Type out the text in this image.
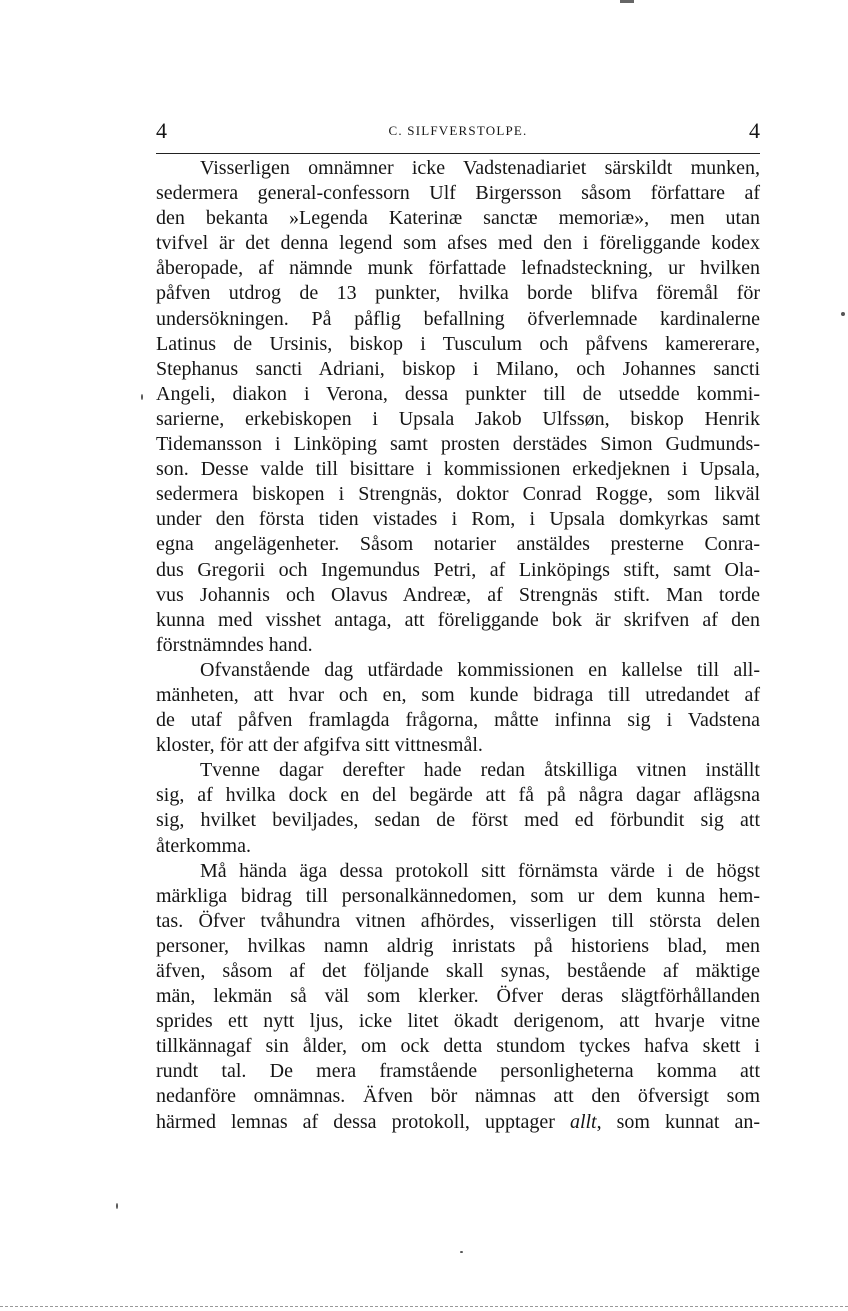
4	C. SILFVERSTOLPE.	4
Visserligen omnämner icke Vadstenadiariet särskildt munken,
sedermera general-confessorn Ulf Birgersson såsom författare af
den bekanta »Legenda Katerinæ sanctæ memoriæ», men utan
tvifvel är det denna legend som afses med den i föreliggande kodex
åberopade, af nämnde munk författade lefnadsteckning, ur hvilken
påfven utdrog de 13 punkter, hvilka borde blifva föremål för
undersökningen. På påflig befallning öfverlemnade kardinalerne
Latinus de Ursinis, biskop i Tusculum och påfvens kamererare,
Stephanus sancti Adriani, biskop i Milano, och Johannes sancti
Angeli, diakon i Verona, dessa punkter till de utsedde kommi-
sarierne, erkebiskopen i Upsala Jakob Ulfssøn, biskop Henrik
Tidemansson i Linköping samt prosten derstädes Simon Gudmunds-
son. Desse valde till bisittare i kommissionen erkedjeknen i Upsala,
sedermera biskopen i Strengnäs, doktor Conrad Rogge, som likväl
under den första tiden vistades i Rom, i Upsala domkyrkas samt
egna angelägenheter. Såsom notarier anstäldes presterne Conra-
dus Gregorii och Ingemundus Petri, af Linköpings stift, samt Ola-
vus Johannis och Olavus Andreæ, af Strengnäs stift. Man torde
kunna med visshet antaga, att föreliggande bok är skrifven af den
förstnämndes hand.
Ofvanstående dag utfärdade kommissionen en kallelse till all-
mänheten, att hvar och en, som kunde bidraga till utredandet af
de utaf påfven framlagda frågorna, måtte infinna sig i Vadstena
kloster, för att der afgifva sitt vittnesmål.
Tvenne dagar derefter hade redan åtskilliga vitnen inställt
sig, af hvilka dock en del begärde att få på några dagar aflägsna
sig, hvilket beviljades, sedan de först med ed förbundit sig att
återkomma.
Må hända äga dessa protokoll sitt förnämsta värde i de högst
märkliga bidrag till personalkännedomen, som ur dem kunna hem-
tas. Öfver tvåhundra vitnen afhördes, visserligen till största delen
personer, hvilkas namn aldrig inristats på historiens blad, men
äfven, såsom af det följande skall synas, bestående af mäktige
män, lekmän så väl som klerker. Öfver deras slägtförhållanden
sprides ett nytt ljus, icke litet ökadt derigenom, att hvarje vitne
tillkännagaf sin ålder, om ock detta stundom tyckes hafva skett i
rundt tal. De mera framstående personligheterna komma att
nedanföre omnämnas. Äfven bör nämnas att den öfversigt som
härmed lemnas af dessa protokoll, upptager allt, som kunnat an-
